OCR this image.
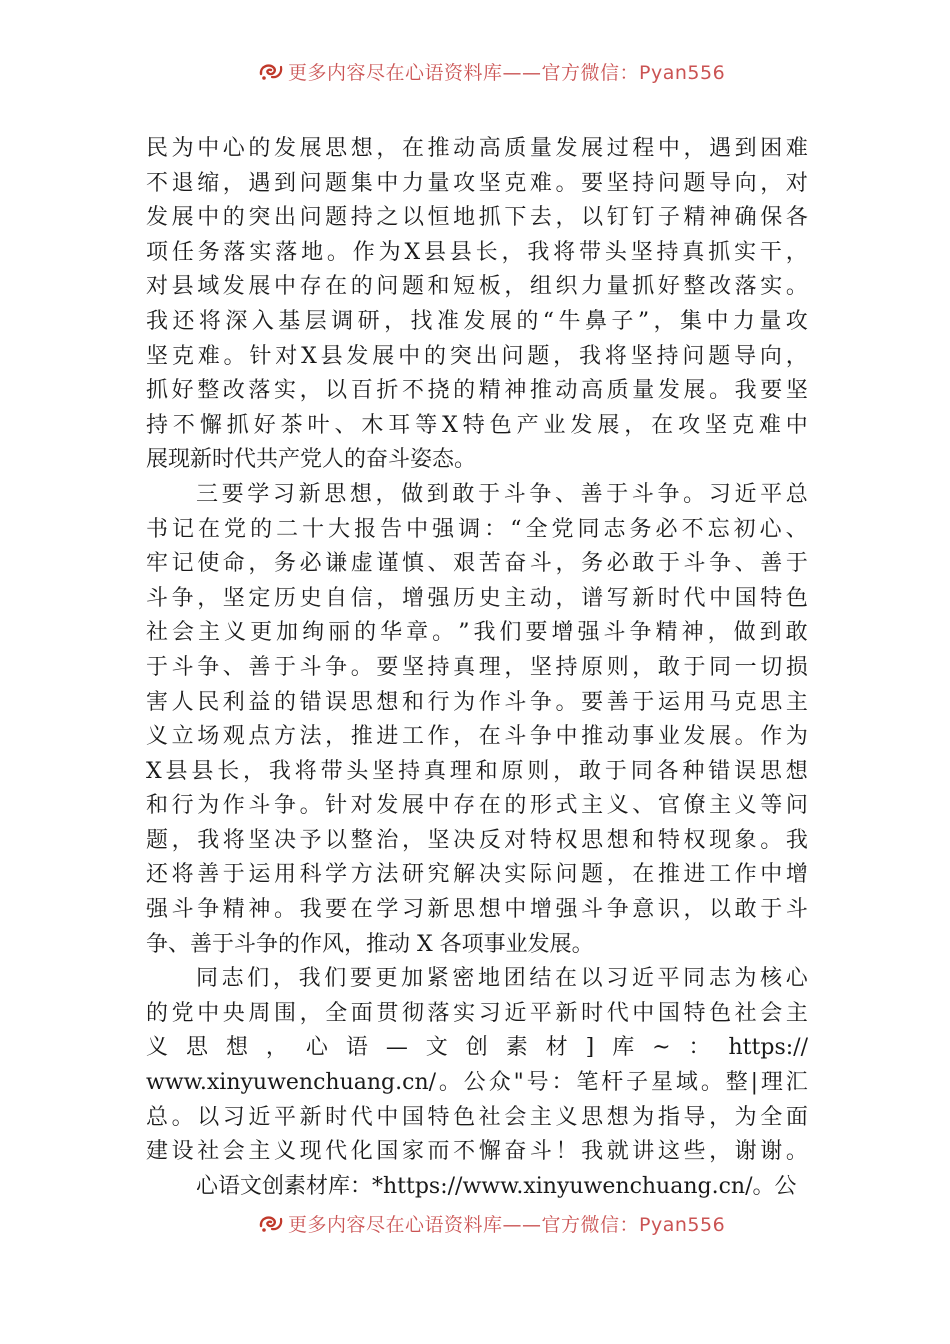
更多内容尽在心语资料库——官方微信：Pyan556
民 为 中 心 的 发 展 思 想 ， 在 推 动 高 质 量 发 展 过 程 中 ， 遇 到 困 难
不 退 缩 ， 遇 到 问 题 集 中 力 量 攻 坚 克 难 。 要 坚 持 问 题 导 向 ， 对
发 展 中 的 突 出 问 题 持 之 以 恒 地 抓 下 去 ， 以 钉 钉 子 精 神 确 保 各
项 任 务 落 实 落 地 。 作 为 X 县 县 长 ， 我 将 带 头 坚 持 真 抓 实 干 ，
对 县 域 发 展 中 存 在 的 问 题 和 短 板 ， 组 织 力 量 抓 好 整 改 落 实 。
我 还 将 深 入 基 层 调 研 ， 找 准 发 展 的 “ 牛 鼻 子 ” ， 集 中 力 量 攻
坚 克 难 。 针 对 X 县 发 展 中 的 突 出 问 题 ， 我 将 坚 持 问 题 导 向 ，
抓 好 整 改 落 实 ， 以 百 折 不 挠 的 精 神 推 动 高 质 量 发 展 。 我 要 坚
持 不 懈 抓 好 茶 叶 、 木 耳 等 X 特 色 产 业 发 展 ， 在 攻 坚 克 难 中
展现新时代共产党人的奋斗姿态。
三 要 学 习 新 思 想 ， 做 到 敢 于 斗 争 、 善 于 斗 争 。 习 近 平 总
书 记 在 党 的 二 十 大 报 告 中 强 调 ： “ 全 党 同 志 务 必 不 忘 初 心 、
牢 记 使 命 ， 务 必 谦 虚 谨 慎 、 艰 苦 奋 斗 ， 务 必 敢 于 斗 争 、 善 于
斗 争 ， 坚 定 历 史 自 信 ， 增 强 历 史 主 动 ， 谱 写 新 时 代 中 国 特 色
社 会 主 义 更 加 绚 丽 的 华 章 。 ” 我 们 要 增 强 斗 争 精 神 ， 做 到 敢
于 斗 争 、 善 于 斗 争 。 要 坚 持 真 理 ， 坚 持 原 则 ， 敢 于 同 一 切 损
害 人 民 利 益 的 错 误 思 想 和 行 为 作 斗 争 。 要 善 于 运 用 马 克 思 主
义 立 场 观 点 方 法 ， 推 进 工 作 ， 在 斗 争 中 推 动 事 业 发 展 。 作 为
X 县 县 长 ， 我 将 带 头 坚 持 真 理 和 原 则 ， 敢 于 同 各 种 错 误 思 想
和 行 为 作 斗 争 。 针 对 发 展 中 存 在 的 形 式 主 义 、 官 僚 主 义 等 问
题 ， 我 将 坚 决 予 以 整 治 ， 坚 决 反 对 特 权 思 想 和 特 权 现 象 。 我
还 将 善 于 运 用 科 学 方 法 研 究 解 决 实 际 问 题 ， 在 推 进 工 作 中 增
强 斗 争 精 神 。 我 要 在 学 习 新 思 想 中 增 强 斗 争 意 识 ， 以 敢 于 斗
争、善于斗争的作风，推动 X 各项事业发展。
同 志 们 ， 我 们 要 更 加 紧 密 地 团 结 在 以 习 近 平 同 志 为 核 心
的 党 中 央 周 围 ， 全 面 贯 彻 落 实 习 近 平 新 时 代 中 国 特 色 社 会 主
义 思 想 ， 心 语 — 文 创 素 材 ] 库 ~ ： https://
www.xinyuwenchuang.cn/ 。 公 众 " 号 ： 笔 杆 子 星 域 。 整 | 理 汇
总 。 以 习 近 平 新 时 代 中 国 特 色 社 会 主 义 思 想 为 指 导 ， 为 全 面
建 设 社 会 主 义 现 代 化 国 家 而 不 懈 奋 斗 ！ 我 就 讲 这 些 ， 谢 谢 。
心语文创素材库：*https://www.xinyuwenchuang.cn/。公
更多内容尽在心语资料库——官方微信：Pyan556
